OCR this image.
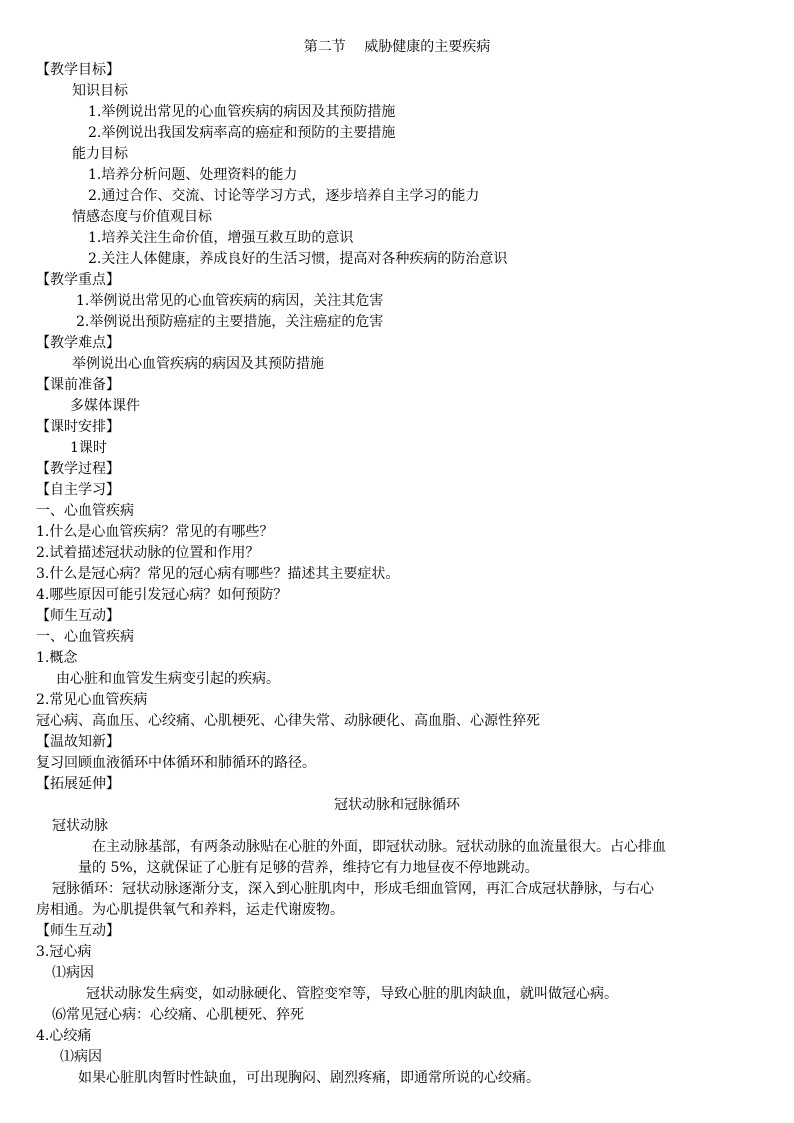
第二节　 威胁健康的主要疾病
【教学目标】
知识目标
1.举例说出常见的心血管疾病的病因及其预防措施
2.举例说出我国发病率高的癌症和预防的主要措施
能力目标
1.培养分析问题、处理资料的能力
2.通过合作、交流、讨论等学习方式，逐步培养自主学习的能力
情感态度与价值观目标
1.培养关注生命价值，增强互救互助的意识
2.关注人体健康，养成良好的生活习惯，提高对各种疾病的防治意识
【教学重点】
1.举例说出常见的心血管疾病的病因，关注其危害
2.举例说出预防癌症的主要措施，关注癌症的危害
【教学难点】
举例说出心血管疾病的病因及其预防措施
【课前准备】
多媒体课件
【课时安排】
1课时
【教学过程】
【自主学习】
一、心血管疾病
1.什么是心血管疾病？常见的有哪些？
2.试着描述冠状动脉的位置和作用？
3.什么是冠心病？常见的冠心病有哪些？描述其主要症状。
4.哪些原因可能引发冠心病？如何预防？
【师生互动】
一、心血管疾病
1.概念
由心脏和血管发生病变引起的疾病。
2.常见心血管疾病
冠心病、高血压、心绞痛、心肌梗死、心律失常、动脉硬化、高血脂、心源性猝死
【温故知新】
复习回顾血液循环中体循环和肺循环的路径。
【拓展延伸】
冠状动脉和冠脉循环
冠状动脉
在主动脉基部，有两条动脉贴在心脏的外面，即冠状动脉。冠状动脉的血流量很大。占心排血
量的 5%，这就保证了心脏有足够的营养，维持它有力地昼夜不停地跳动。
冠脉循环：冠状动脉逐渐分支，深入到心脏肌肉中，形成毛细血管网，再汇合成冠状静脉，与右心
房相通。为心肌提供氧气和养料，运走代谢废物。
【师生互动】
3.冠心病
⑴病因
冠状动脉发生病变，如动脉硬化、管腔变窄等，导致心脏的肌肉缺血，就叫做冠心病。
⑹常见冠心病：心绞痛、心肌梗死、猝死
4.心绞痛
⑴病因
如果心脏肌肉暂时性缺血，可出现胸闷、剧烈疼痛，即通常所说的心绞痛。
